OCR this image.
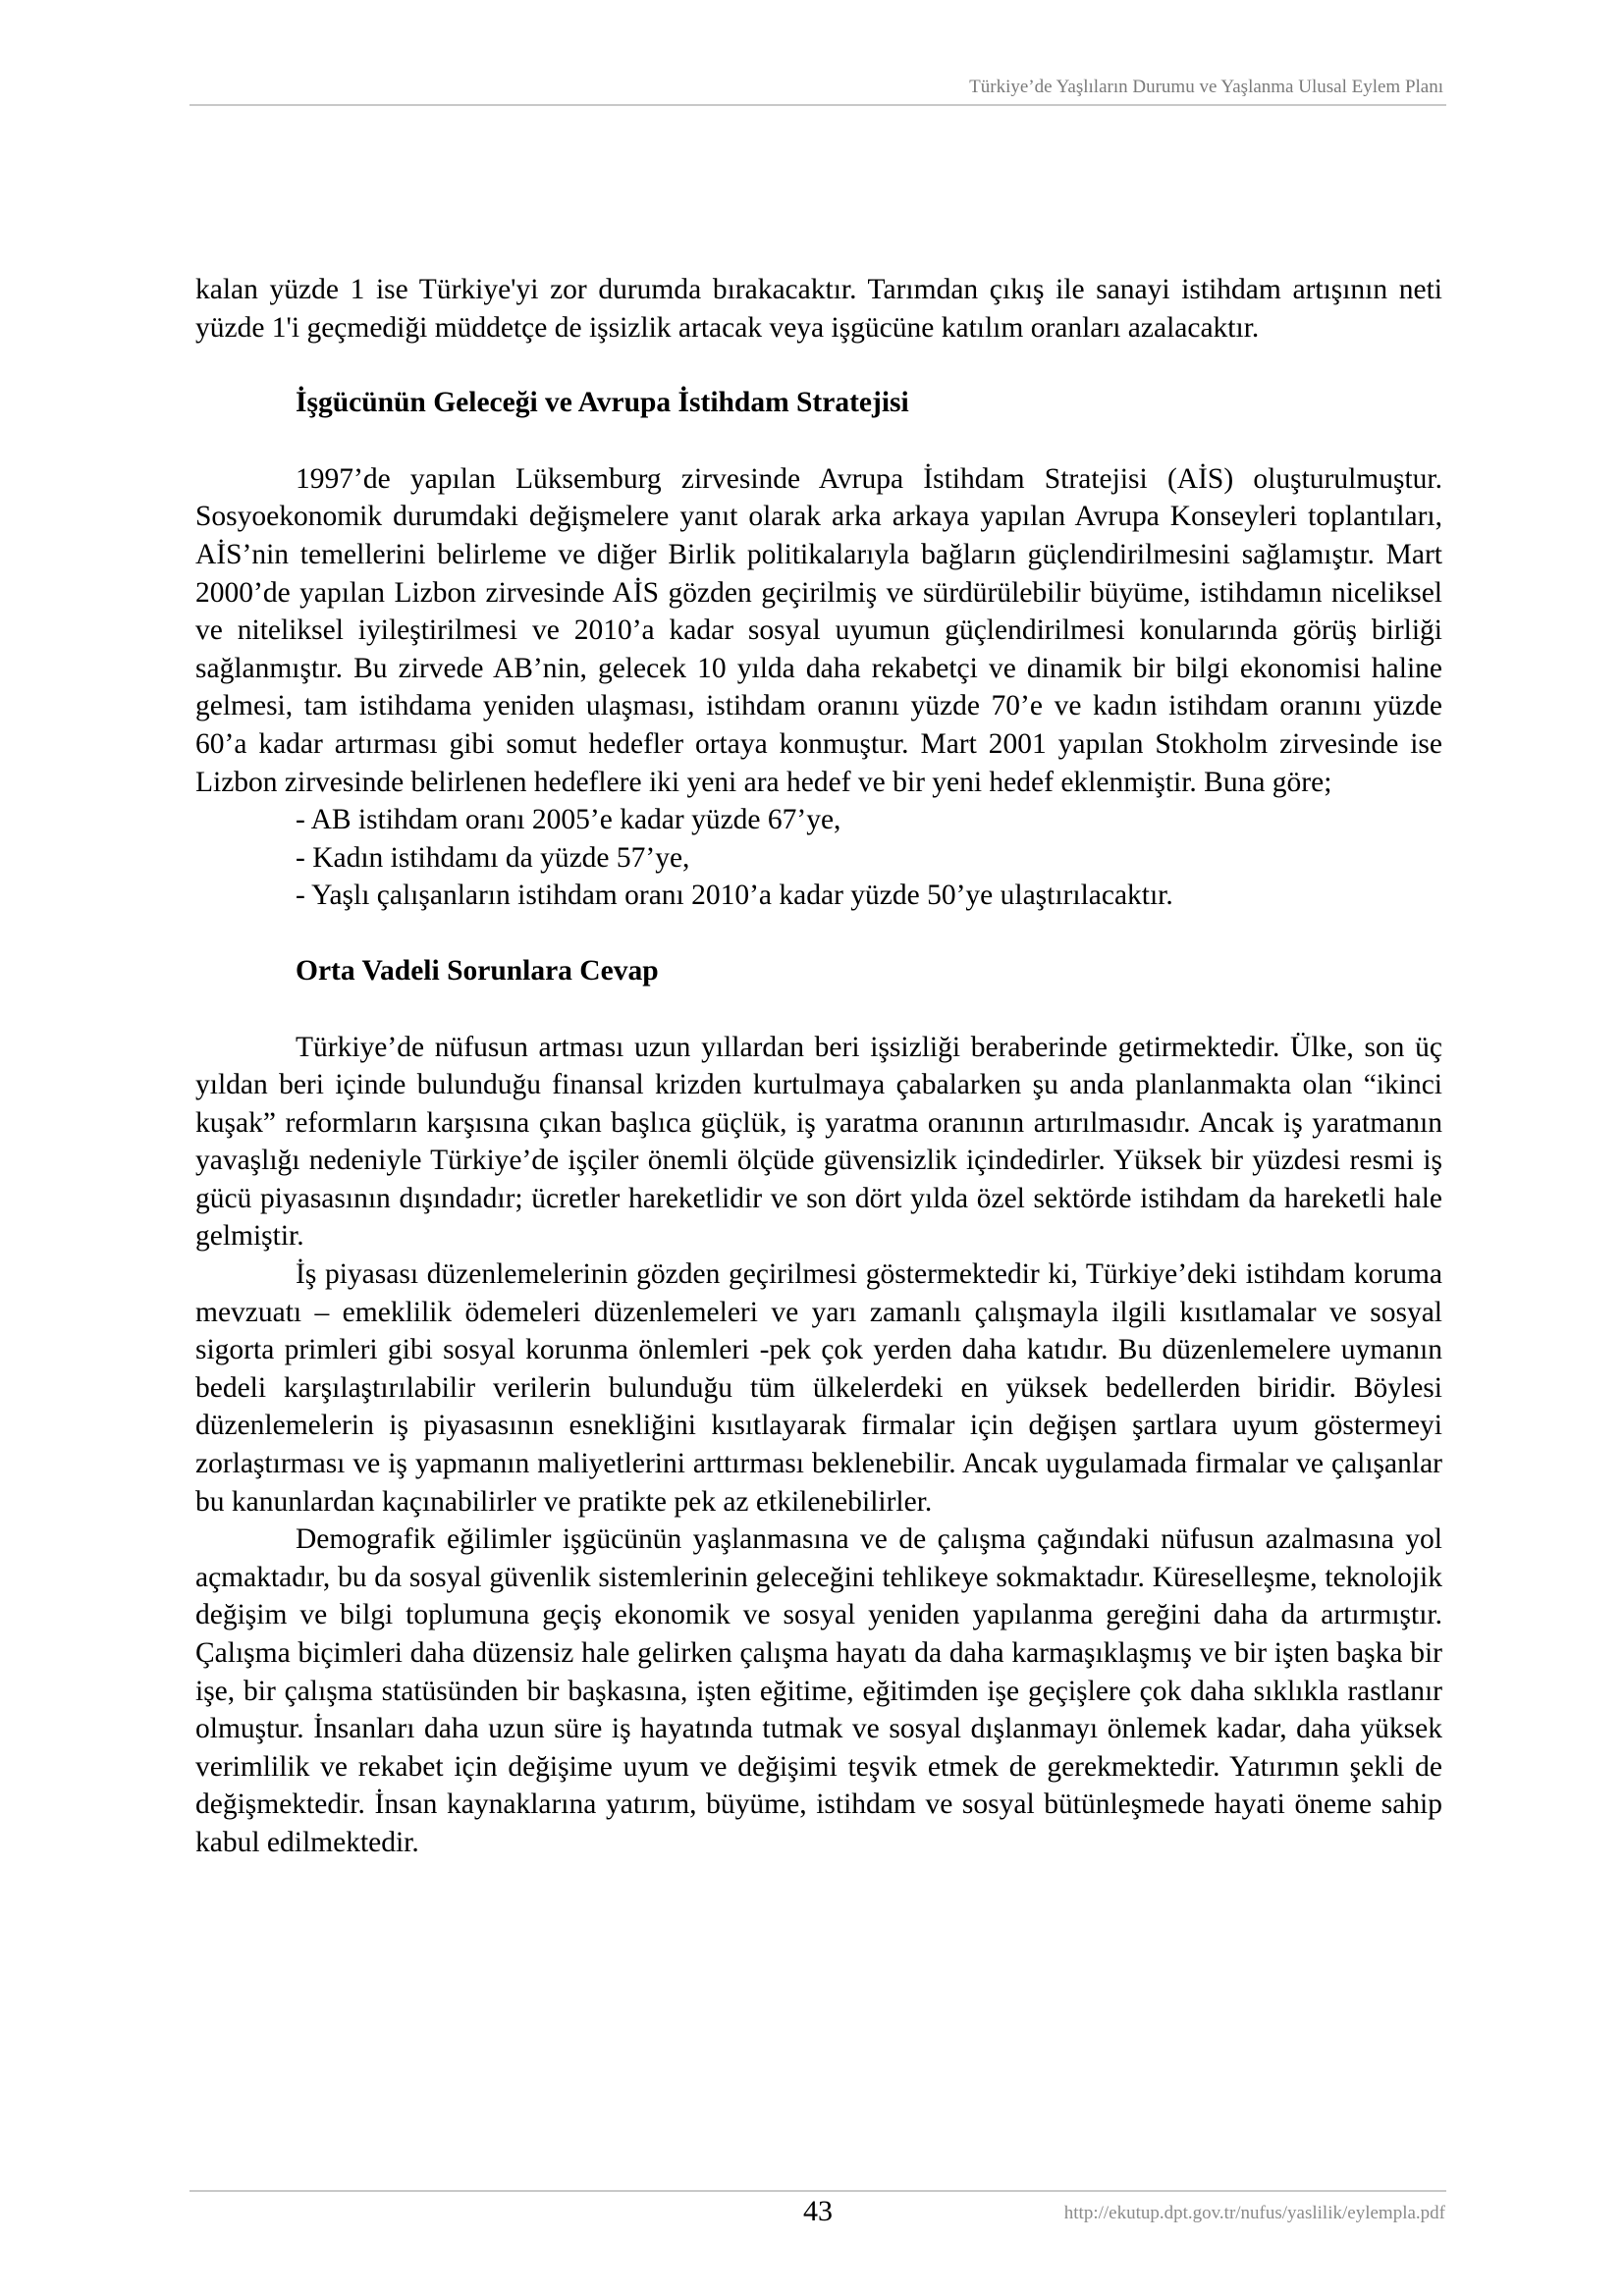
Türkiye’de Yaşlıların Durumu ve Yaşlanma Ulusal Eylem Planı

kalan yüzde 1 ise Türkiye'yi zor durumda bırakacaktır. Tarımdan çıkış ile sanayi istihdam artışının neti yüzde 1'i geçmediği müddetçe de işsizlik artacak veya işgücüne katılım oranları azalacaktır.

İşgücünün Geleceği ve Avrupa İstihdam Stratejisi

1997’de yapılan Lüksemburg zirvesinde Avrupa İstihdam Stratejisi (AİS) oluşturulmuştur. Sosyoekonomik durumdaki değişmelere yanıt olarak arka arkaya yapılan Avrupa Konseyleri toplantıları, AİS’nin temellerini belirleme ve diğer Birlik politikalarıyla bağların güçlendirilmesini sağlamıştır. Mart 2000’de yapılan Lizbon zirvesinde AİS gözden geçirilmiş ve sürdürülebilir büyüme, istihdamın niceliksel ve niteliksel iyileştirilmesi ve 2010’a kadar sosyal uyumun güçlendirilmesi konularında görüş birliği sağlanmıştır. Bu zirvede AB’nin, gelecek 10 yılda daha rekabetçi ve dinamik bir bilgi ekonomisi haline gelmesi, tam istihdama yeniden ulaşması, istihdam oranını yüzde 70’e ve kadın istihdam oranını yüzde 60’a kadar artırması gibi somut hedefler ortaya konmuştur. Mart 2001 yapılan Stokholm zirvesinde ise Lizbon zirvesinde belirlenen hedeflere iki yeni ara hedef ve bir yeni hedef eklenmiştir. Buna göre;

- AB istihdam oranı 2005’e kadar yüzde 67’ye,

- Kadın istihdamı da yüzde 57’ye,

- Yaşlı çalışanların istihdam oranı 2010’a kadar yüzde 50’ye ulaştırılacaktır.

Orta Vadeli Sorunlara Cevap

Türkiye’de nüfusun artması uzun yıllardan beri işsizliği beraberinde getirmektedir. Ülke, son üç yıldan beri içinde bulunduğu finansal krizden kurtulmaya çabalarken şu anda planlanmakta olan “ikinci kuşak” reformların karşısına çıkan başlıca güçlük, iş yaratma oranının artırılmasıdır. Ancak iş yaratmanın yavaşlığı nedeniyle Türkiye’de işçiler önemli ölçüde güvensizlik içindedirler. Yüksek bir yüzdesi resmi iş gücü piyasasının dışındadır; ücretler hareketlidir ve son dört yılda özel sektörde istihdam da hareketli hale gelmiştir.

İş piyasası düzenlemelerinin gözden geçirilmesi göstermektedir ki, Türkiye’deki istihdam koruma mevzuatı – emeklilik ödemeleri düzenlemeleri ve yarı zamanlı çalışmayla ilgili kısıtlamalar ve sosyal sigorta primleri gibi sosyal korunma önlemleri -pek çok yerden daha katıdır. Bu düzenlemelere uymanın bedeli karşılaştırılabilir verilerin bulunduğu tüm ülkelerdeki en yüksek bedellerden biridir. Böylesi düzenlemelerin iş piyasasının esnekliğini kısıtlayarak firmalar için değişen şartlara uyum göstermeyi zorlaştırması ve iş yapmanın maliyetlerini arttırması beklenebilir. Ancak uygulamada firmalar ve çalışanlar bu kanunlardan kaçınabilirler ve pratikte pek az etkilenebilirler.

Demografik eğilimler işgücünün yaşlanmasına ve de çalışma çağındaki nüfusun azalmasına yol açmaktadır, bu da sosyal güvenlik sistemlerinin geleceğini tehlikeye sokmaktadır. Küreselleşme, teknolojik değişim ve bilgi toplumuna geçiş ekonomik ve sosyal yeniden yapılanma gereğini daha da artırmıştır. Çalışma biçimleri daha düzensiz hale gelirken çalışma hayatı da daha karmaşıklaşmış ve bir işten başka bir işe, bir çalışma statüsünden bir başkasına, işten eğitime, eğitimden işe geçişlere çok daha sıklıkla rastlanır olmuştur. İnsanları daha uzun süre iş hayatında tutmak ve sosyal dışlanmayı önlemek kadar, daha yüksek verimlilik ve rekabet için değişime uyum ve değişimi teşvik etmek de gerekmektedir. Yatırımın şekli de değişmektedir. İnsan kaynaklarına yatırım, büyüme, istihdam ve sosyal bütünleşmede hayati öneme sahip kabul edilmektedir.

43	http://ekutup.dpt.gov.tr/nufus/yaslilik/eylempla.pdf
